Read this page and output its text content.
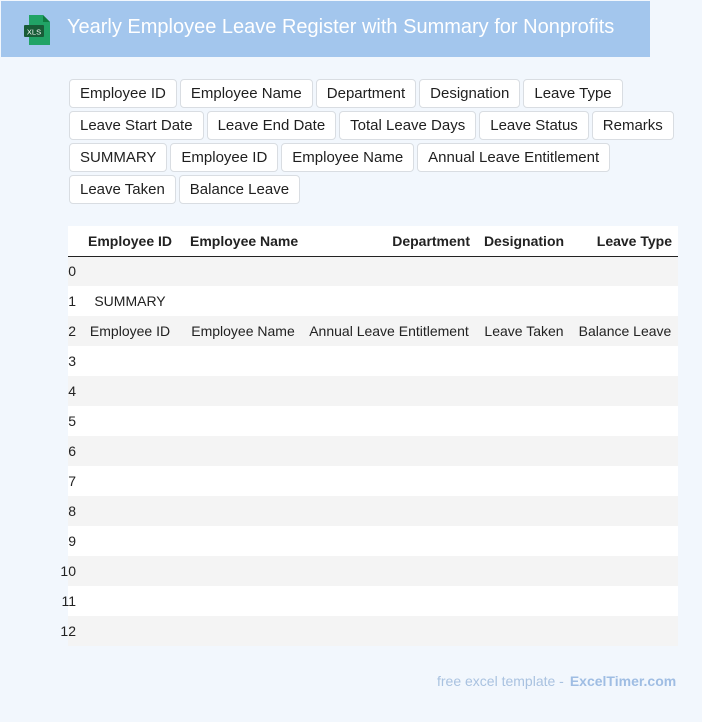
XLS Yearly Employee Leave Register with Summary for Nonprofits
Employee ID	Employee Name	Department	Designation	Leave Type
Leave Start Date	Leave End Date	Total Leave Days	Leave Status	Remarks
SUMMARY	Employee ID	Employee Name	Annual Leave Entitlement
Leave Taken	Balance Leave
	Employee ID	Employee Name	Department	Designation	Leave Type
0					
1	SUMMARY				
2	Employee ID	Employee Name	Annual Leave Entitlement	Leave Taken	Balance Leave
3					
4					
5					
6					
7					
8					
9					
10					
11					
12					
free excel template - ExcelTimer.com
